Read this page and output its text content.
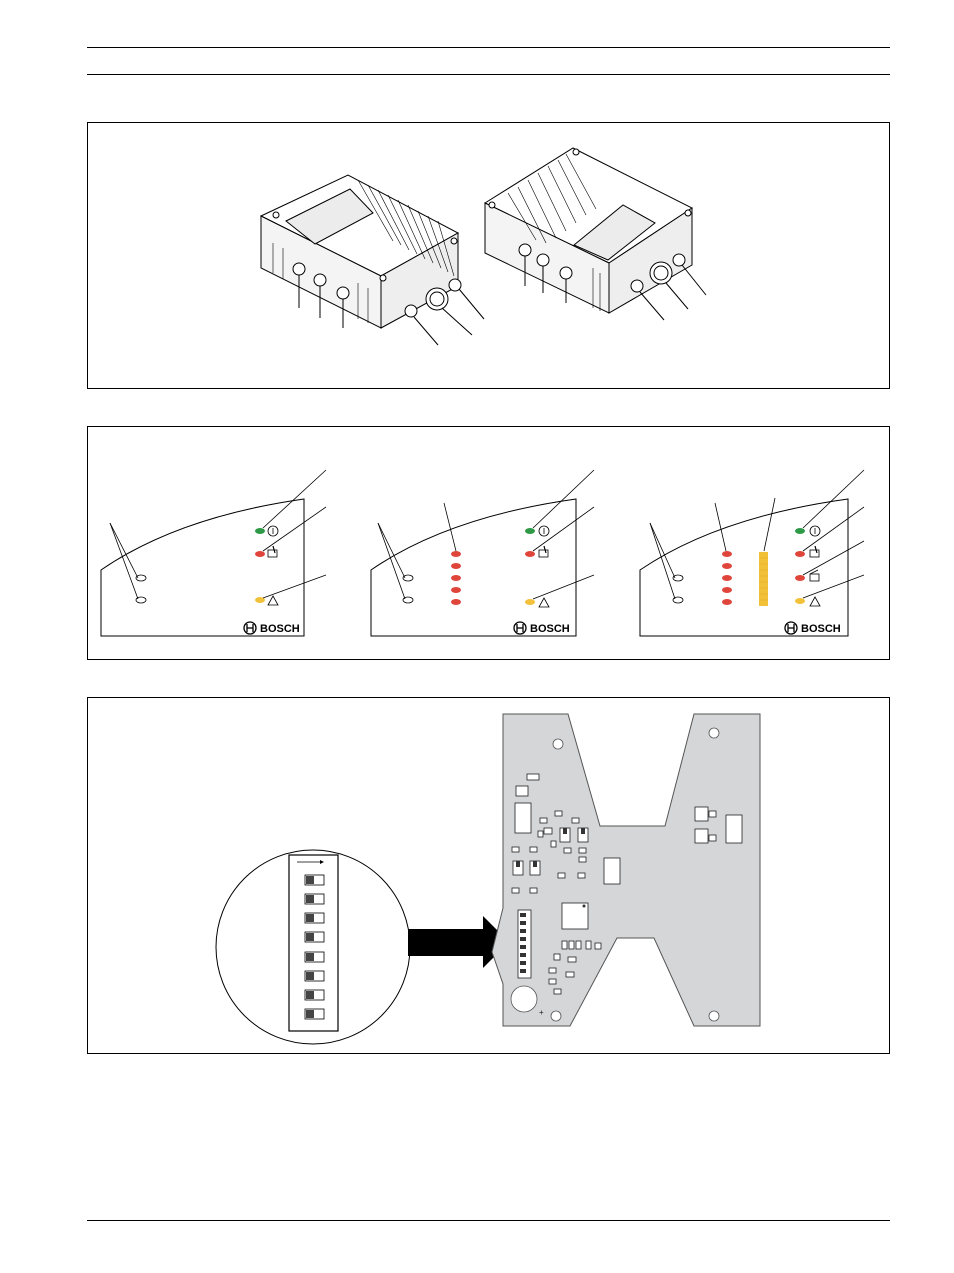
BOSCH	BOSCH	BOSCH
+
